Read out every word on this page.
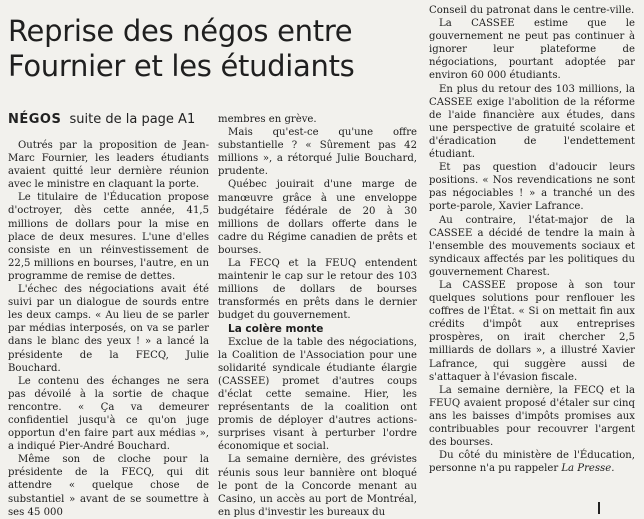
Reprise des négos entre Fournier et les étudiants
NÉGOS suite de la page A1

Outrés par la proposition de Jean-Marc Fournier, les leaders étudiants avaient quitté leur dernière réunion avec le ministre en claquant la porte.

Le titulaire de l'Éducation propose d'octroyer, dès cette année, 41,5 millions de dollars pour la mise en place de deux mesures. L'une d'elles consiste en un réinvestissement de 22,5 millions en bourses, l'autre, en un programme de remise de dettes.

L'échec des négociations avait été suivi par un dialogue de sourds entre les deux camps. « Au lieu de se parler par médias interposés, on va se parler dans le blanc des yeux ! » a lancé la présidente de la FECQ, Julie Bouchard.

Le contenu des échanges ne sera pas dévoilé à la sortie de chaque rencontre. « Ça va demeurer confidentiel jusqu'à ce qu'on juge opportun d'en faire part aux médias », a indiqué Pier-André Bouchard.

Même son de cloche pour la présidente de la FECQ, qui dit attendre « quelque chose de substantiel » avant de se soumettre à ses 45 000

membres en grève.

Mais qu'est-ce qu'une offre substantielle ? « Sûrement pas 42 millions », a rétorqué Julie Bouchard, prudente.

Québec jouirait d'une marge de manœuvre grâce à une enveloppe budgétaire fédérale de 20 à 30 millions de dollars offerte dans le cadre du Régime canadien de prêts et bourses.

La FECQ et la FEUQ entendent maintenir le cap sur le retour des 103 millions de dollars de bourses transformés en prêts dans le dernier budget du gouvernement.

La colère monte

Exclue de la table des négociations, la Coalition de l'Association pour une solidarité syndicale étudiante élargie (CASSEE) promet d'autres coups d'éclat cette semaine. Hier, les représentants de la coalition ont promis de déployer d'autres actions-surprises visant à perturber l'ordre économique et social.

La semaine dernière, des grévistes réunis sous leur bannière ont bloqué le pont de la Concorde menant au Casino, un accès au port de Montréal, en plus d'investir les bureaux du

Conseil du patronat dans le centre-ville.

La CASSEE estime que le gouvernement ne peut pas continuer à ignorer leur plateforme de négociations, pourtant adoptée par environ 60 000 étudiants.

En plus du retour des 103 millions, la CASSEE exige l'abolition de la réforme de l'aide financière aux études, dans une perspective de gratuité scolaire et d'éradication de l'endettement étudiant.

Et pas question d'adoucir leurs positions. « Nos revendications ne sont pas négociables ! » a tranché un des porte-parole, Xavier Lafrance.

Au contraire, l'état-major de la CASSEE a décidé de tendre la main à l'ensemble des mouvements sociaux et syndicaux affectés par les politiques du gouvernement Charest.

La CASSEE propose à son tour quelques solutions pour renflouer les coffres de l'État. « Si on mettait fin aux crédits d'impôt aux entreprises prospères, on irait chercher 2,5 milliards de dollars », a illustré Xavier Lafrance, qui suggère aussi de s'attaquer à l'évasion fiscale.

La semaine dernière, la FECQ et la FEUQ avaient proposé d'étaler sur cinq ans les baisses d'impôts promises aux contribuables pour recouvrer l'argent des bourses.

Du côté du ministère de l'Éducation, personne n'a pu rappeler La Presse.
